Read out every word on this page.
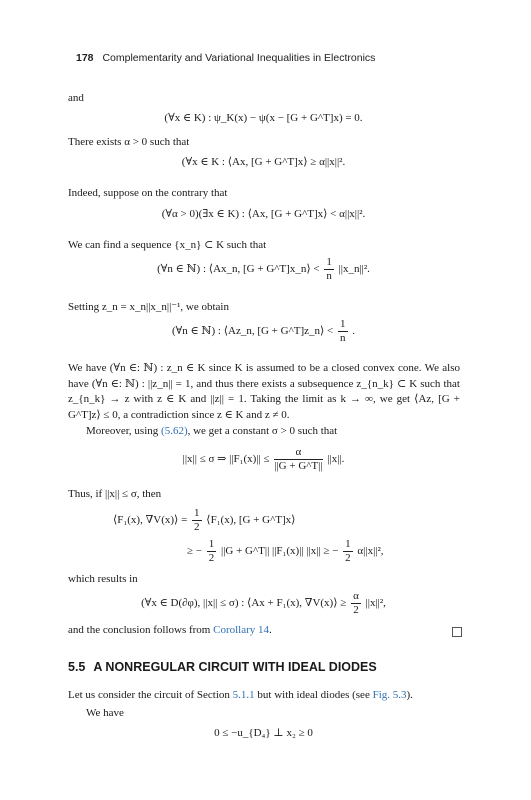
178 Complementarity and Variational Inequalities in Electronics
and
(∀x ∈ K) : ψ_K(x) − ψ(x − [G + G^T]x) = 0.
There exists α > 0 such that
(∀x ∈ K : ⟨Ax, [G + G^T]x⟩ ≥ α||x||².
Indeed, suppose on the contrary that
(∀α > 0)(∃x ∈ K) : ⟨Ax, [G + G^T]x⟩ < α||x||².
We can find a sequence {x_n} ⊂ K such that
(∀n ∈ ℕ) : ⟨Ax_n, [G + G^T]x_n⟩ < $\frac{1}{n}$ ||x_n||².
Setting z_n = x_n||x_n||⁻¹, we obtain
(∀n ∈ ℕ) : ⟨Az_n, [G + G^T]z_n⟩ < $\frac{1}{n}$ .
We have (∀n ∈: ℕ) : z_n ∈ K since K is assumed to be a closed convex cone. We also have (∀n ∈: ℕ) : ||z_n|| = 1, and thus there exists a subsequence z_{n_k} ⊂ K such that z_{n_k} → z with z ∈ K and ||z|| = 1. Taking the limit as k → ∞, we get ⟨Az, [G + G^T]z⟩ ≤ 0, a contradiction since z ∈ K and z ≠ 0.
Moreover, using (5.62), we get a constant σ > 0 such that
||x|| ≤ σ ⇒ $||F_1(x)|| \le \frac{\alpha}{||G + G\^{}T||} ||x||$.
Thus, if ||x|| ≤ σ, then
⟨F₁(x), ∇V(x)⟩ = $\frac{1}{2}$ ⟨F₁(x), [G + G^T]x⟩
≥ − $\frac{1}{2} ||G$ + G^T|| ||F₁(x)|| ||x|| ≥ − $\frac{1}{2} \alpha||x||^2$,
which results in
(∀x ∈ D(∂φ), ||x|| ≤ σ) : ⟨Ax + F₁(x), ∇V(x)⟩ ≥ $\frac{\alpha}{2} ||x||^2$,
and the conclusion follows from Corollary 14.
5.5 A NONREGULAR CIRCUIT WITH IDEAL DIODES
Let us consider the circuit of Section 5.1.1 but with ideal diodes (see Fig. 5.3).
We have
0 ≤ −u_{D₄} ⊥ x₂ ≥ 0
